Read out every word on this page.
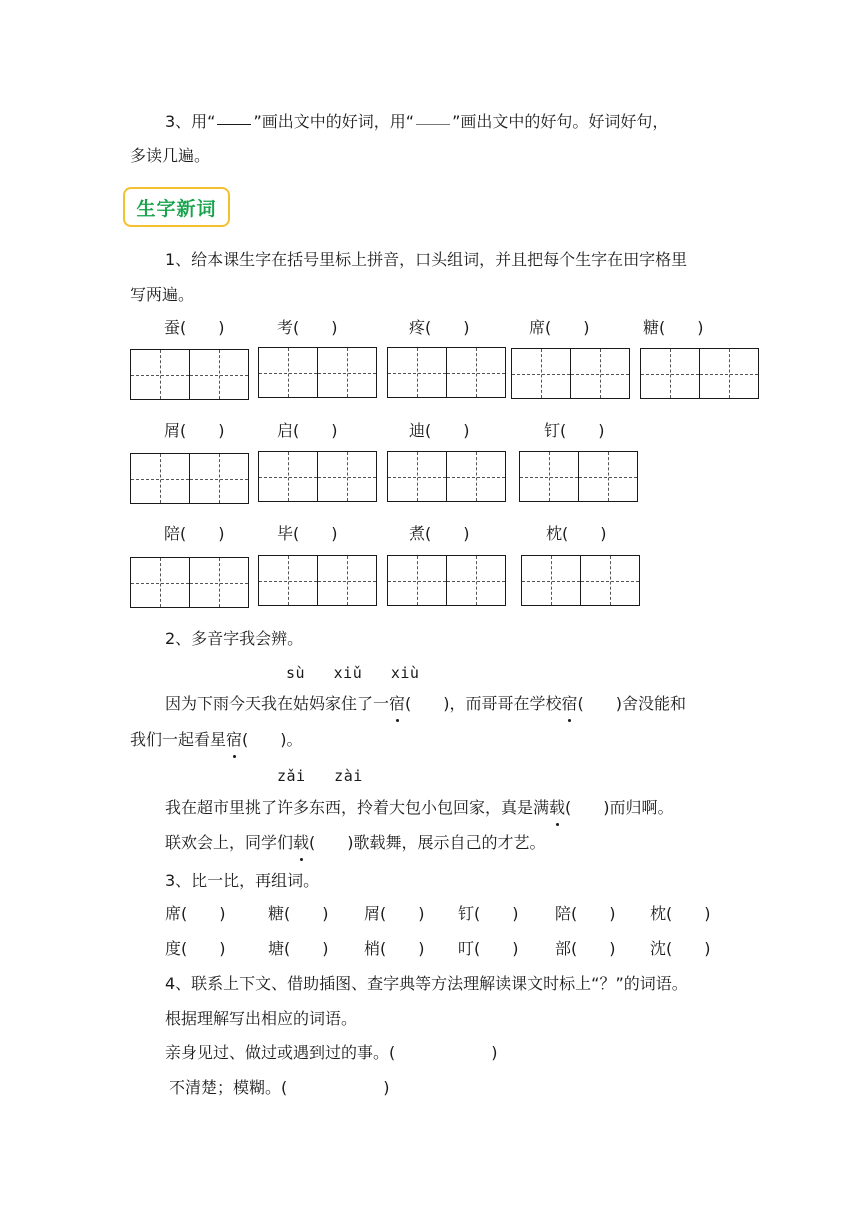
3、用“ ”画出文中的好词，用“ ”画出文中的好句。好词好句，
多读几遍。
生字新词
1、给本课生字在括号里标上拼音，口头组词，并且把每个生字在田字格里
写两遍。
蚕(　　)	考(　　)	疼(　　)	席(　　)	糖(　　)
屑(　　)	启(　　)	迪(　　)	钉(　　)
陪(　　)	毕(　　)	煮(　　)	枕(　　)
2、多音字我会辨。
sù   xiǔ   xiù
因为下雨今天我在姑妈家住了一宿(　　)，而哥哥在学校宿(　　)舍没能和
我们一起看星宿(　　)。
zǎi   zài
我在超市里挑了许多东西，拎着大包小包回家，真是满载(　　)而归啊。
联欢会上，同学们载(　　)歌载舞，展示自己的才艺。
3、比一比，再组词。
席(　　)	糖(　　) 屑(　　) 钉(　　) 陪(　　) 枕(　　)
度(　　)	塘(　　) 梢(　　) 叮(　　) 部(　　) 沈(　　)
4、联系上下文、借助插图、查字典等方法理解读课文时标上“？”的词语。
根据理解写出相应的词语。
亲身见过、做过或遇到过的事。(　　　　　　)
不清楚；模糊。(　　　　　　)
